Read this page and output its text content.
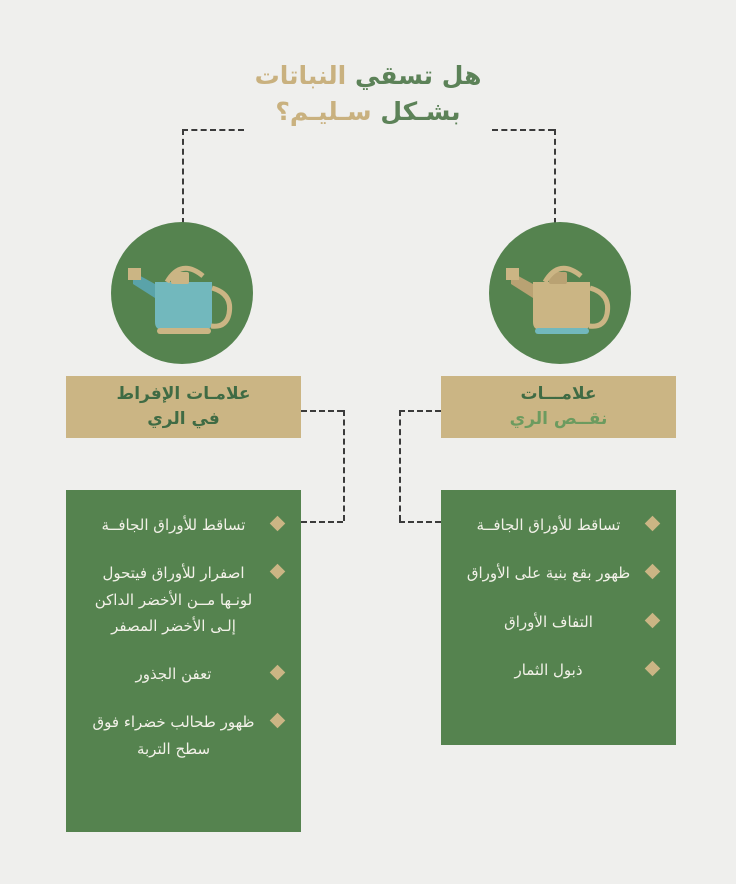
هل تسقي النباتات
بشـكل سـليـم؟
علامـات الإفراط
في الري
علامـــات
نقــص الري
تساقط للأوراق الجافــة
اصفرار للأوراق فيتحول لونـها مــن الأخضر الداكن إلـى الأخضر المصفر
تعفن الجذور
ظهور طحالب خضراء فوق سطح التربة
تساقط للأوراق الجافــة
ظهور بقع بنية على الأوراق
التفاف الأوراق
ذبول الثمار
